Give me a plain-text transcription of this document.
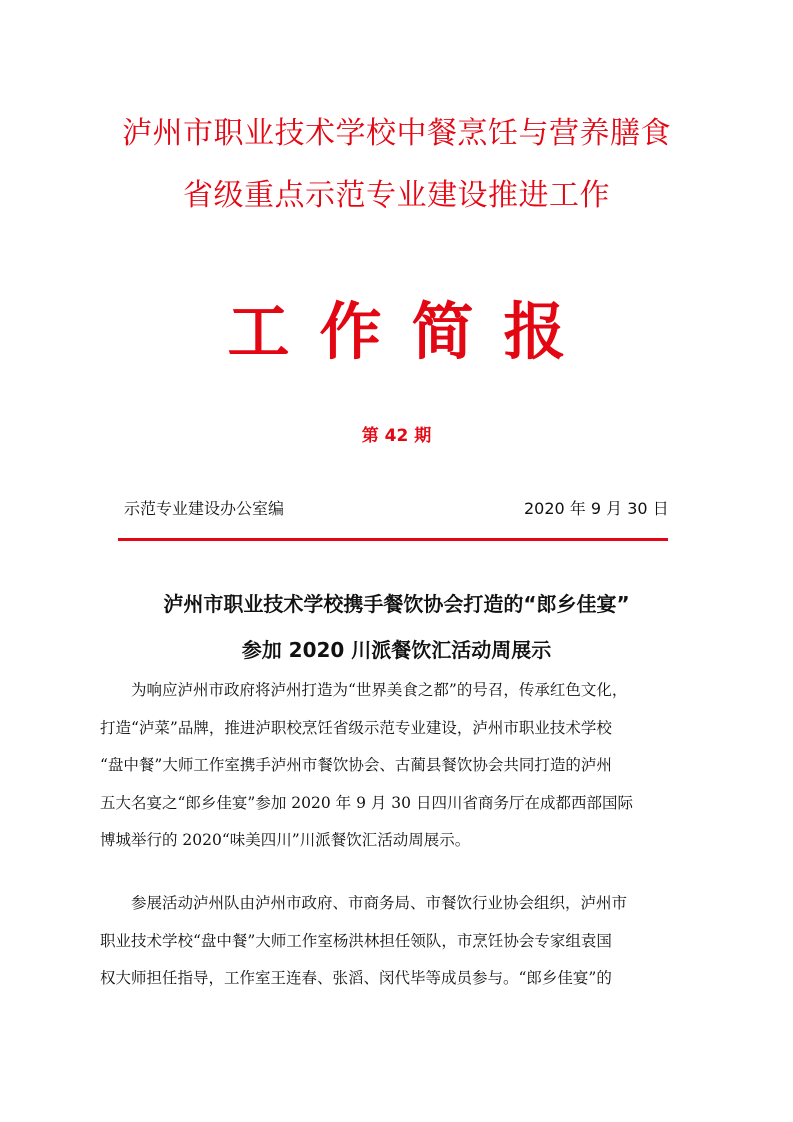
泸州市职业技术学校中餐烹饪与营养膳食
省级重点示范专业建设推进工作
工作简报
第 42 期
示范专业建设办公室编	2020 年 9 月 30 日
泸州市职业技术学校携手餐饮协会打造的“郎乡佳宴”
参加 2020 川派餐饮汇活动周展示
　　为响应泸州市政府将泸州打造为“世界美食之都”的号召，传承红色文化，
打造“泸菜”品牌，推进泸职校烹饪省级示范专业建设，泸州市职业技术学校
“盘中餐”大师工作室携手泸州市餐饮协会、古蔺县餐饮协会共同打造的泸州
五大名宴之“郎乡佳宴”参加 2020 年 9 月 30 日四川省商务厅在成都西部国际
博城举行的 2020“味美四川”川派餐饮汇活动周展示。
　　参展活动泸州队由泸州市政府、市商务局、市餐饮行业协会组织，泸州市
职业技术学校“盘中餐”大师工作室杨洪林担任领队，市烹饪协会专家组袁国
权大师担任指导，工作室王连春、张滔、闵代毕等成员参与。“郎乡佳宴”的
